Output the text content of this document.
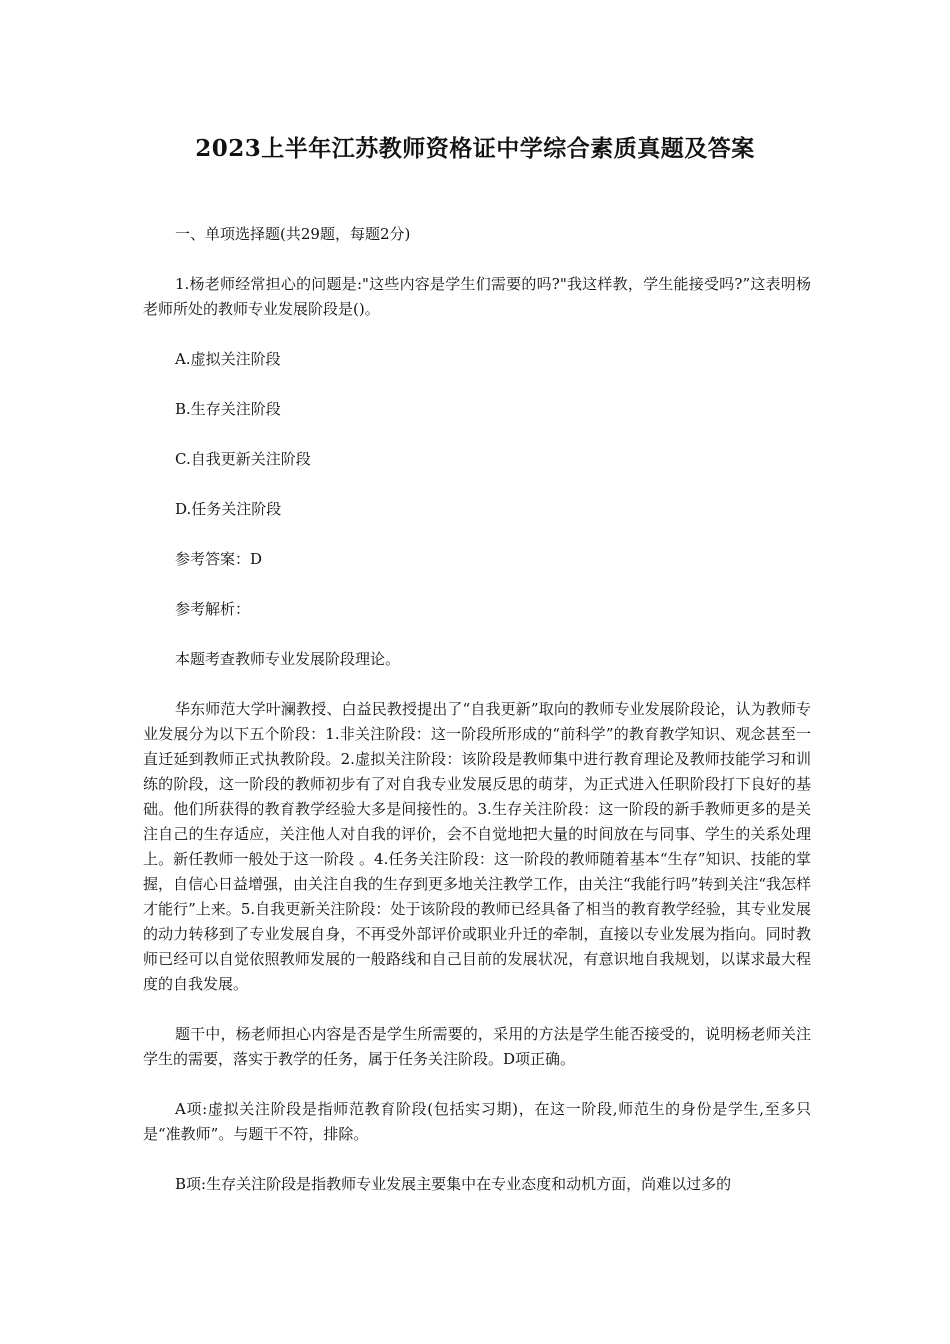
2023上半年江苏教师资格证中学综合素质真题及答案
一、单项选择题(共29题，每题2分)
1.杨老师经常担心的问题是:"这些内容是学生们需要的吗?"我这样教，学生能接受吗?”这表明杨老师所处的教师专业发展阶段是()。
A.虚拟关注阶段
B.生存关注阶段
C.自我更新关注阶段
D.任务关注阶段
参考答案：D
参考解析：
本题考查教师专业发展阶段理论。
华东师范大学叶澜教授、白益民教授提出了“自我更新”取向的教师专业发展阶段论，认为教师专业发展分为以下五个阶段：1.非关注阶段：这一阶段所形成的“前科学”的教育教学知识、观念甚至一直迁延到教师正式执教阶段。2.虚拟关注阶段：该阶段是教师集中进行教育理论及教师技能学习和训练的阶段，这一阶段的教师初步有了对自我专业发展反思的萌芽，为正式进入任职阶段打下良好的基础。他们所获得的教育教学经验大多是间接性的。3.生存关注阶段：这一阶段的新手教师更多的是关注自己的生存适应，关注他人对自我的评价，会不自觉地把大量的时间放在与同事、学生的关系处理上。新任教师一般处于这一阶段 。4.任务关注阶段：这一阶段的教师随着基本“生存”知识、技能的掌握，自信心日益增强，由关注自我的生存到更多地关注教学工作，由关注“我能行吗”转到关注“我怎样才能行”上来。5.自我更新关注阶段：处于该阶段的教师已经具备了相当的教育教学经验，其专业发展的动力转移到了专业发展自身，不再受外部评价或职业升迁的牵制，直接以专业发展为指向。同时教师已经可以自觉依照教师发展的一般路线和自己目前的发展状况，有意识地自我规划，以谋求最大程度的自我发展。
题干中，杨老师担心内容是否是学生所需要的，采用的方法是学生能否接受的，说明杨老师关注学生的需要，落实于教学的任务，属于任务关注阶段。D项正确。
A项:虚拟关注阶段是指师范教育阶段(包括实习期)，在这一阶段,师范生的身份是学生,至多只是“准教师”。与题干不符，排除。
B项:生存关注阶段是指教师专业发展主要集中在专业态度和动机方面，尚难以过多的
